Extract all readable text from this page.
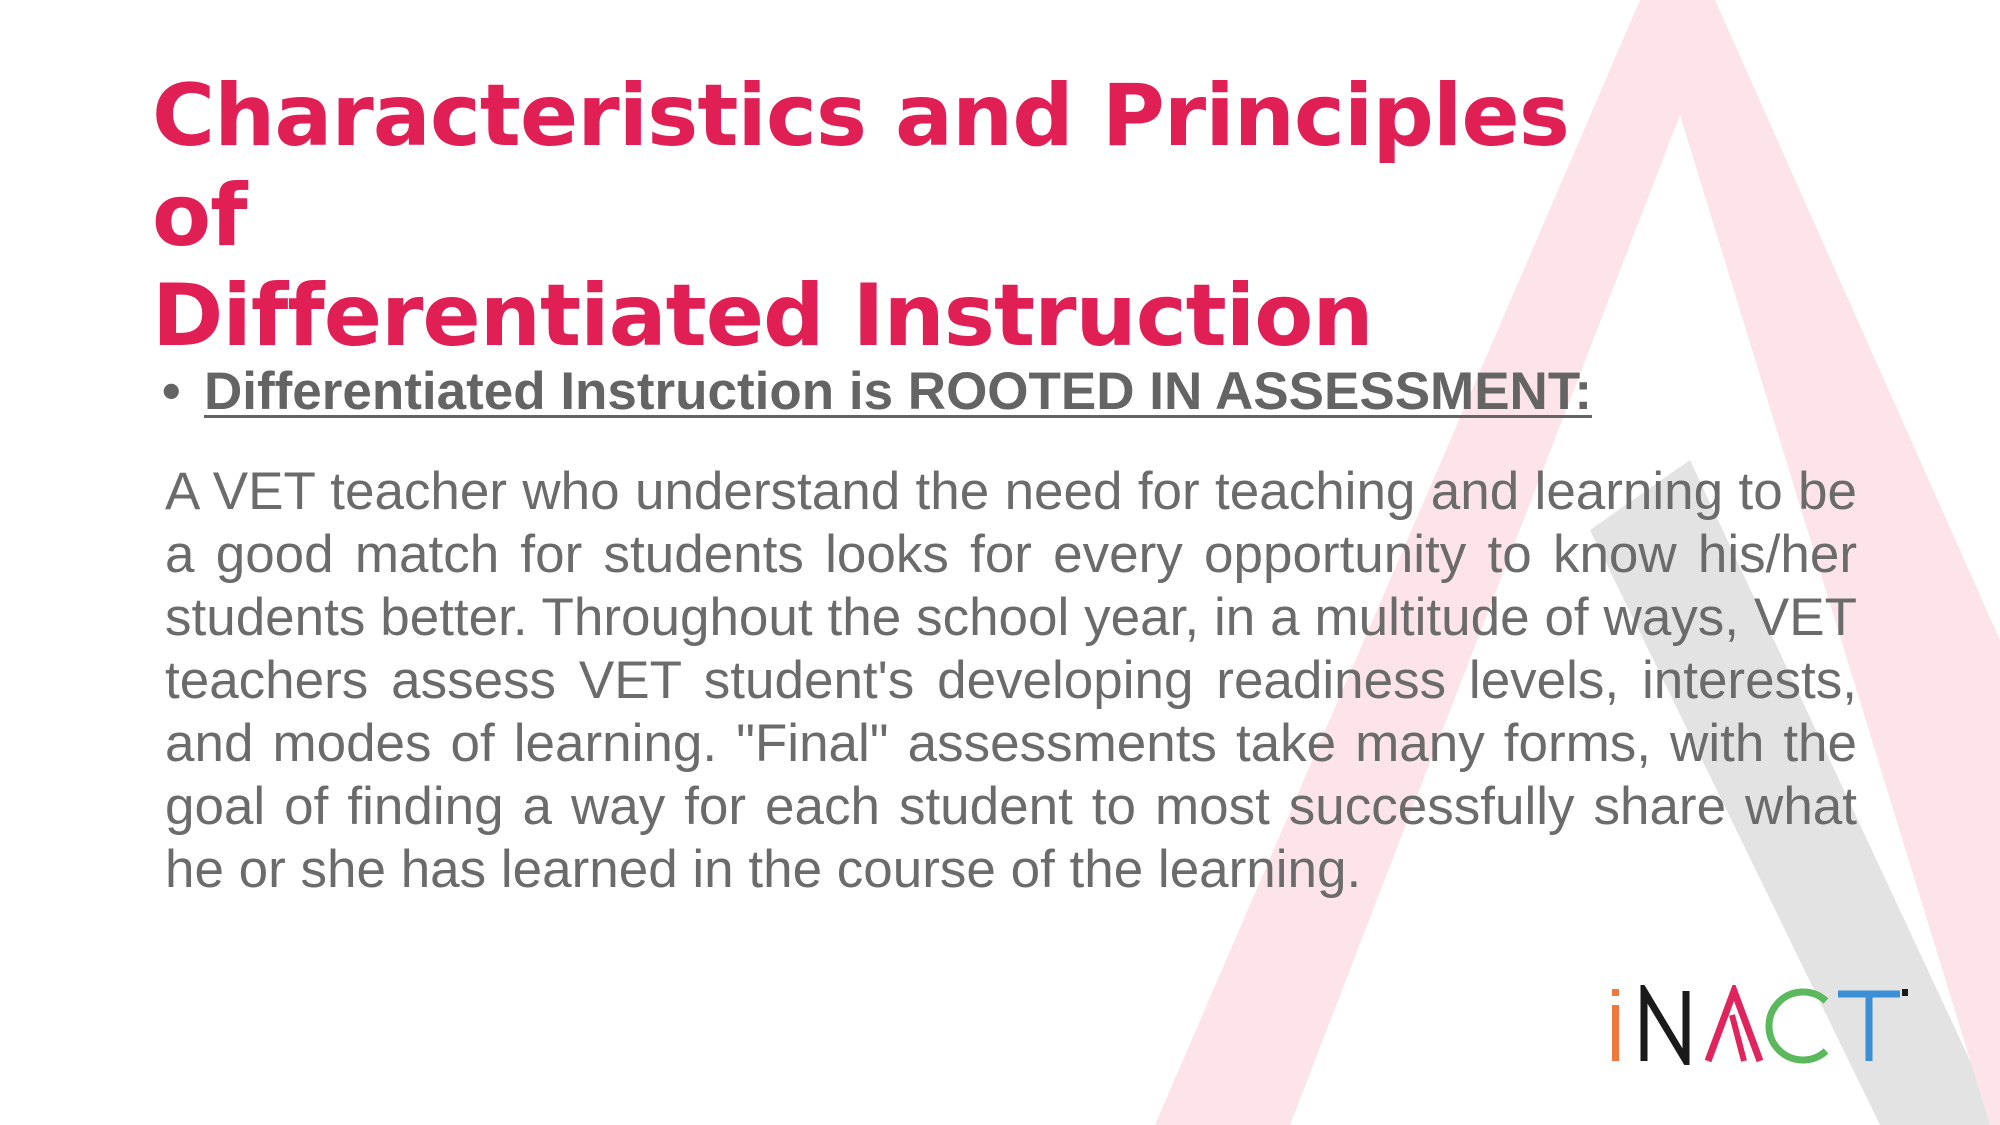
Characteristics and Principles of
Differentiated Instruction
• Differentiated Instruction is ROOTED IN ASSESSMENT:

A VET teacher who understand the need for teaching and learning to be a good match for students looks for every opportunity to know his/her students better. Throughout the school year, in a multitude of ways, VET teachers assess VET student's developing readiness levels, interests, and modes of learning. "Final" assessments take many forms, with the goal of finding a way for each student to most successfully share what he or she has learned in the course of the learning.
